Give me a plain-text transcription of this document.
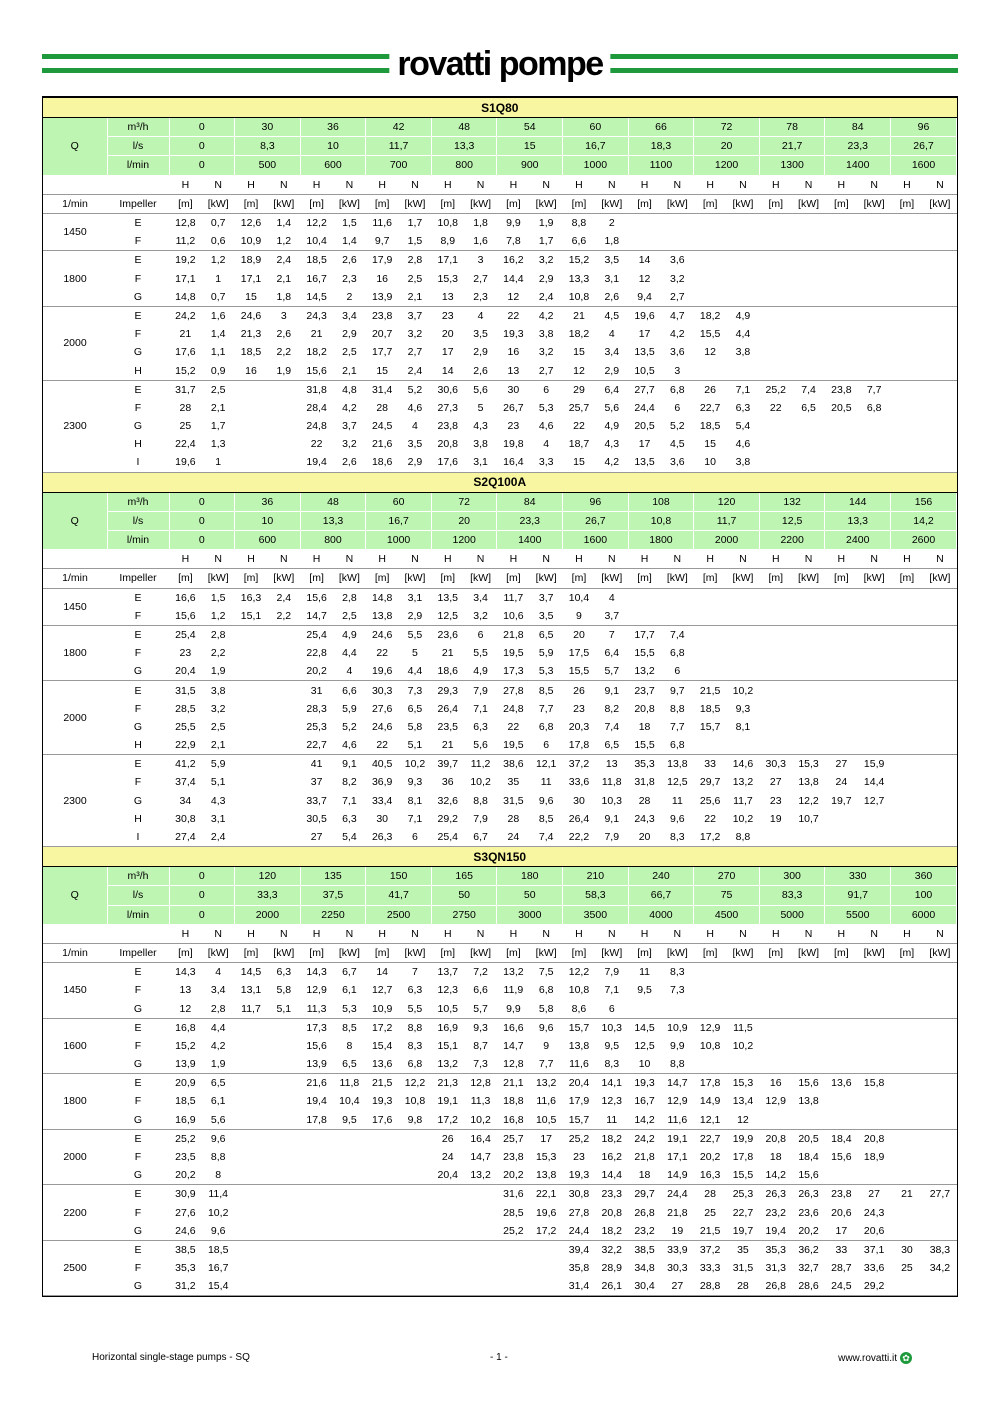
rovatti pompe
S1Q80																									
Q	m³/h	0		30		36		42		48		54		60		66		72		78		84		96	
	l/s	0		8,3		10		11,7		13,3		15		16,7		18,3		20		21,7		23,3		26,7	
	l/min	0		500		600		700		800		900		1000		1100		1200		1300		1400		1600	
		H	N	H	N	H	N	H	N	H	N	H	N	H	N	H	N	H	N	H	N	H	N	H	N
1/min	Impeller	[m]	[kW]	[m]	[kW]	[m]	[kW]	[m]	[kW]	[m]	[kW]	[m]	[kW]	[m]	[kW]	[m]	[kW]	[m]	[kW]	[m]	[kW]	[m]	[kW]	[m]	[kW]
1450	E	12,8	0,7	12,6	1,4	12,2	1,5	11,6	1,7	10,8	1,8	9,9	1,9	8,8	2										
	F	11,2	0,6	10,9	1,2	10,4	1,4	9,7	1,5	8,9	1,6	7,8	1,7	6,6	1,8										
1800	E	19,2	1,2	18,9	2,4	18,5	2,6	17,9	2,8	17,1	3	16,2	3,2	15,2	3,5	14	3,6								
	F	17,1	1	17,1	2,1	16,7	2,3	16	2,5	15,3	2,7	14,4	2,9	13,3	3,1	12	3,2								
	G	14,8	0,7	15	1,8	14,5	2	13,9	2,1	13	2,3	12	2,4	10,8	2,6	9,4	2,7								
2000	E	24,2	1,6	24,6	3	24,3	3,4	23,8	3,7	23	4	22	4,2	21	4,5	19,6	4,7	18,2	4,9						
	F	21	1,4	21,3	2,6	21	2,9	20,7	3,2	20	3,5	19,3	3,8	18,2	4	17	4,2	15,5	4,4						
	G	17,6	1,1	18,5	2,2	18,2	2,5	17,7	2,7	17	2,9	16	3,2	15	3,4	13,5	3,6	12	3,8						
	H	15,2	0,9	16	1,9	15,6	2,1	15	2,4	14	2,6	13	2,7	12	2,9	10,5	3								
2300	E	31,7	2,5			31,8	4,8	31,4	5,2	30,6	5,6	30	6	29	6,4	27,7	6,8	26	7,1	25,2	7,4	23,8	7,7		
	F	28	2,1			28,4	4,2	28	4,6	27,3	5	26,7	5,3	25,7	5,6	24,4	6	22,7	6,3	22	6,5	20,5	6,8		
	G	25	1,7			24,8	3,7	24,5	4	23,8	4,3	23	4,6	22	4,9	20,5	5,2	18,5	5,4						
	H	22,4	1,3			22	3,2	21,6	3,5	20,8	3,8	19,8	4	18,7	4,3	17	4,5	15	4,6						
	I	19,6	1			19,4	2,6	18,6	2,9	17,6	3,1	16,4	3,3	15	4,2	13,5	3,6	10	3,8						
S2Q100A																									
Q	m³/h	0		36		48		60		72		84		96		108		120		132		144		156	
	l/s	0		10		13,3		16,7		20		23,3		26,7		10,8		11,7		12,5		13,3		14,2	
	l/min	0		600		800		1000		1200		1400		1600		1800		2000		2200		2400		2600	
		H	N	H	N	H	N	H	N	H	N	H	N	H	N	H	N	H	N	H	N	H	N	H	N
1/min	Impeller	[m]	[kW]	[m]	[kW]	[m]	[kW]	[m]	[kW]	[m]	[kW]	[m]	[kW]	[m]	[kW]	[m]	[kW]	[m]	[kW]	[m]	[kW]	[m]	[kW]	[m]	[kW]
1450	E	16,6	1,5	16,3	2,4	15,6	2,8	14,8	3,1	13,5	3,4	11,7	3,7	10,4	4										
	F	15,6	1,2	15,1	2,2	14,7	2,5	13,8	2,9	12,5	3,2	10,6	3,5	9	3,7										
1800	E	25,4	2,8			25,4	4,9	24,6	5,5	23,6	6	21,8	6,5	20	7	17,7	7,4								
	F	23	2,2			22,8	4,4	22	5	21	5,5	19,5	5,9	17,5	6,4	15,5	6,8								
	G	20,4	1,9			20,2	4	19,6	4,4	18,6	4,9	17,3	5,3	15,5	5,7	13,2	6								
2000	E	31,5	3,8			31	6,6	30,3	7,3	29,3	7,9	27,8	8,5	26	9,1	23,7	9,7	21,5	10,2						
	F	28,5	3,2			28,3	5,9	27,6	6,5	26,4	7,1	24,8	7,7	23	8,2	20,8	8,8	18,5	9,3						
	G	25,5	2,5			25,3	5,2	24,6	5,8	23,5	6,3	22	6,8	20,3	7,4	18	7,7	15,7	8,1						
	H	22,9	2,1			22,7	4,6	22	5,1	21	5,6	19,5	6	17,8	6,5	15,5	6,8								
2300	E	41,2	5,9			41	9,1	40,5	10,2	39,7	11,2	38,6	12,1	37,2	13	35,3	13,8	33	14,6	30,3	15,3	27	15,9		
	F	37,4	5,1			37	8,2	36,9	9,3	36	10,2	35	11	33,6	11,8	31,8	12,5	29,7	13,2	27	13,8	24	14,4		
	G	34	4,3			33,7	7,1	33,4	8,1	32,6	8,8	31,5	9,6	30	10,3	28	11	25,6	11,7	23	12,2	19,7	12,7		
	H	30,8	3,1			30,5	6,3	30	7,1	29,2	7,9	28	8,5	26,4	9,1	24,3	9,6	22	10,2	19	10,7				
	I	27,4	2,4			27	5,4	26,3	6	25,4	6,7	24	7,4	22,2	7,9	20	8,3	17,2	8,8						
S3QN150																									
Q	m³/h	0		120		135		150		165		180		210		240		270		300		330		360	
	l/s	0		33,3		37,5		41,7		50		50		58,3		66,7		75		83,3		91,7		100	
	l/min	0		2000		2250		2500		2750		3000		3500		4000		4500		5000		5500		6000	
		H	N	H	N	H	N	H	N	H	N	H	N	H	N	H	N	H	N	H	N	H	N	H	N
1/min	Impeller	[m]	[kW]	[m]	[kW]	[m]	[kW]	[m]	[kW]	[m]	[kW]	[m]	[kW]	[m]	[kW]	[m]	[kW]	[m]	[kW]	[m]	[kW]	[m]	[kW]	[m]	[kW]
1450	E	14,3	4	14,5	6,3	14,3	6,7	14	7	13,7	7,2	13,2	7,5	12,2	7,9	11	8,3								
	F	13	3,4	13,1	5,8	12,9	6,1	12,7	6,3	12,3	6,6	11,9	6,8	10,8	7,1	9,5	7,3								
	G	12	2,8	11,7	5,1	11,3	5,3	10,9	5,5	10,5	5,7	9,9	5,8	8,6	6										
1600	E	16,8	4,4			17,3	8,5	17,2	8,8	16,9	9,3	16,6	9,6	15,7	10,3	14,5	10,9	12,9	11,5						
	F	15,2	4,2			15,6	8	15,4	8,3	15,1	8,7	14,7	9	13,8	9,5	12,5	9,9	10,8	10,2						
	G	13,9	1,9			13,9	6,5	13,6	6,8	13,2	7,3	12,8	7,7	11,6	8,3	10	8,8								
1800	E	20,9	6,5			21,6	11,8	21,5	12,2	21,3	12,8	21,1	13,2	20,4	14,1	19,3	14,7	17,8	15,3	16	15,6	13,6	15,8		
	F	18,5	6,1			19,4	10,4	19,3	10,8	19,1	11,3	18,8	11,6	17,9	12,3	16,7	12,9	14,9	13,4	12,9	13,8				
	G	16,9	5,6			17,8	9,5	17,6	9,8	17,2	10,2	16,8	10,5	15,7	11	14,2	11,6	12,1	12						
2000	E	25,2	9,6							26	16,4	25,7	17	25,2	18,2	24,2	19,1	22,7	19,9	20,8	20,5	18,4	20,8		
	F	23,5	8,8							24	14,7	23,8	15,3	23	16,2	21,8	17,1	20,2	17,8	18	18,4	15,6	18,9		
	G	20,2	8							20,4	13,2	20,2	13,8	19,3	14,4	18	14,9	16,3	15,5	14,2	15,6				
2200	E	30,9	11,4									31,6	22,1	30,8	23,3	29,7	24,4	28	25,3	26,3	26,3	23,8	27	21	27,7
	F	27,6	10,2									28,5	19,6	27,8	20,8	26,8	21,8	25	22,7	23,2	23,6	20,6	24,3		
	G	24,6	9,6									25,2	17,2	24,4	18,2	23,2	19	21,5	19,7	19,4	20,2	17	20,6		
2500	E	38,5	18,5											39,4	32,2	38,5	33,9	37,2	35	35,3	36,2	33	37,1	30	38,3
	F	35,3	16,7											35,8	28,9	34,8	30,3	33,3	31,5	31,3	32,7	28,7	33,6	25	34,2
	G	31,2	15,4											31,4	26,1	30,4	27	28,8	28	26,8	28,6	24,5	29,2		
Horizontal single-stage pumps - SQ	- 1 -	www.rovatti.it ✿
